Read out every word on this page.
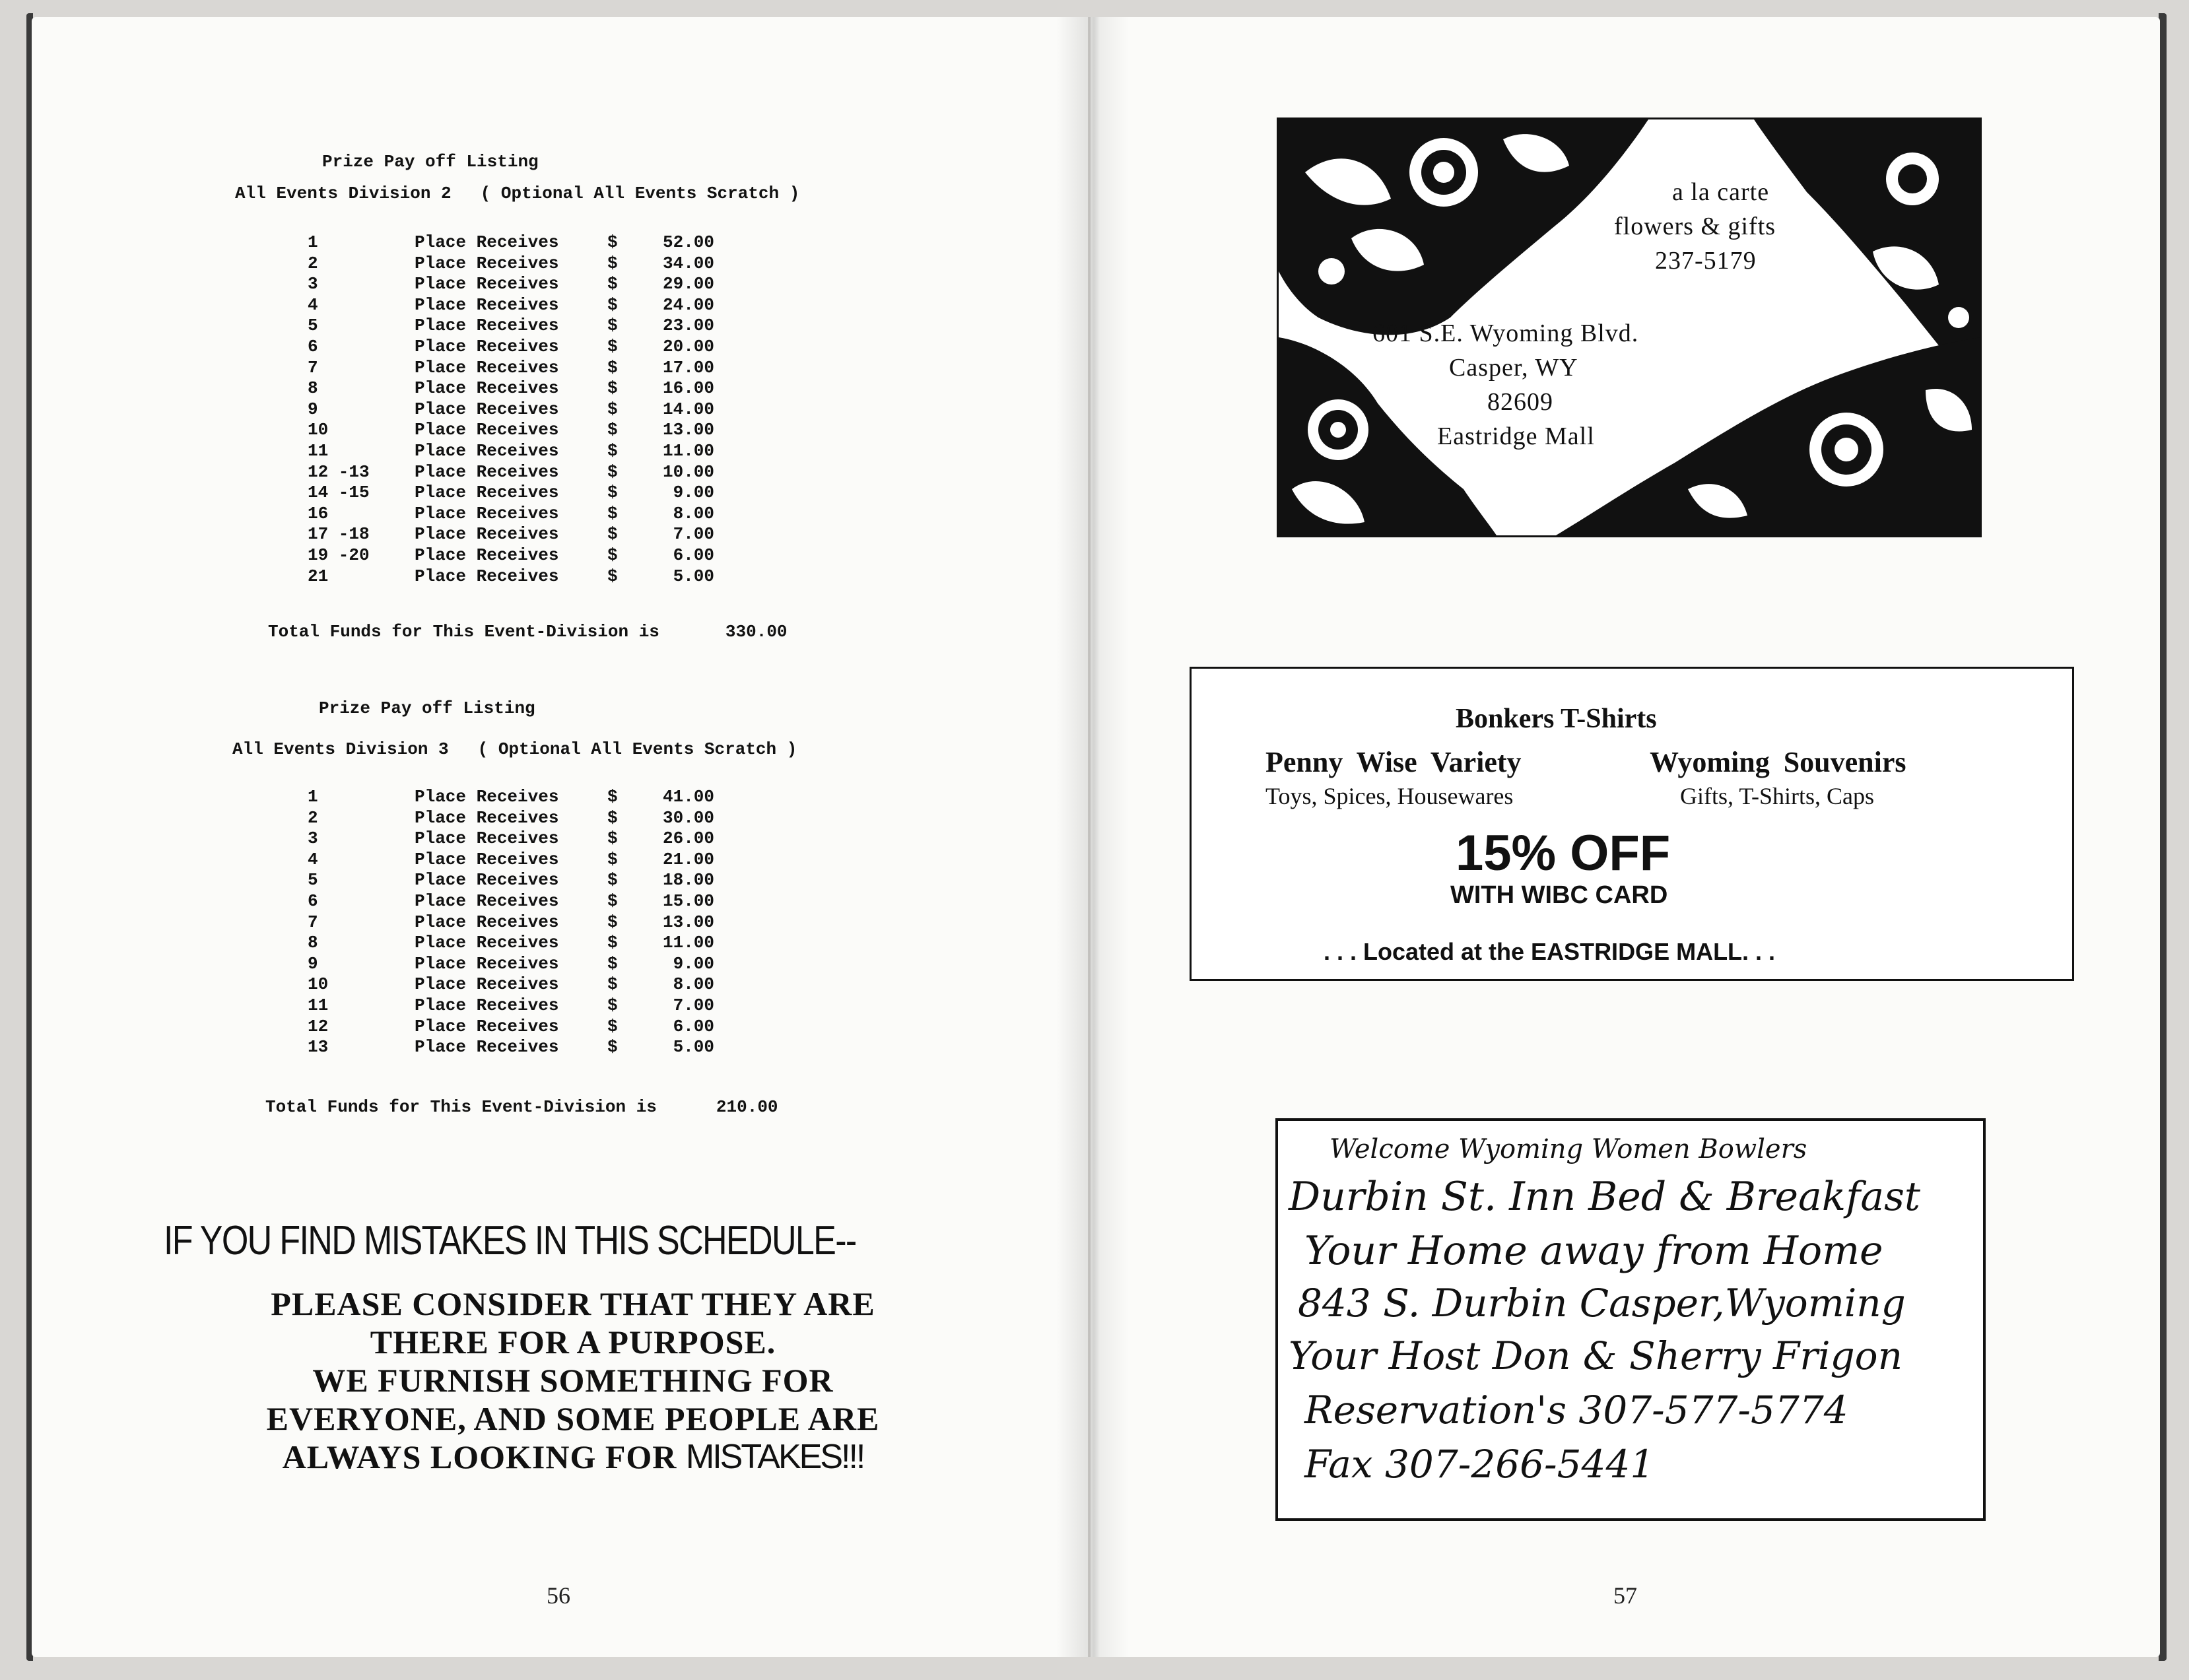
Prize Pay off Listing
All Events Division 2 ( Optional All Events Scratch )
1	Place Receives	$	52.00
2	Place Receives	$	34.00
3	Place Receives	$	29.00
4	Place Receives	$	24.00
5	Place Receives	$	23.00
6	Place Receives	$	20.00
7	Place Receives	$	17.00
8	Place Receives	$	16.00
9	Place Receives	$	14.00
10	Place Receives	$	13.00
11	Place Receives	$	11.00
12 -13	Place Receives	$	10.00
14 -15	Place Receives	$	9.00
16	Place Receives	$	8.00
17 -18	Place Receives	$	7.00
19 -20	Place Receives	$	6.00
21	Place Receives	$	5.00
Total Funds for This Event-Division is	330.00
Prize Pay off Listing
All Events Division 3 ( Optional All Events Scratch )
1	Place Receives	$	41.00
2	Place Receives	$	30.00
3	Place Receives	$	26.00
4	Place Receives	$	21.00
5	Place Receives	$	18.00
6	Place Receives	$	15.00
7	Place Receives	$	13.00
8	Place Receives	$	11.00
9	Place Receives	$	9.00
10	Place Receives	$	8.00
11	Place Receives	$	7.00
12	Place Receives	$	6.00
13	Place Receives	$	5.00
Total Funds for This Event-Division is	210.00
IF YOU FIND MISTAKES IN THIS SCHEDULE--
PLEASE CONSIDER THAT THEY ARE
THERE FOR A PURPOSE.
WE FURNISH SOMETHING FOR
EVERYONE, AND SOME PEOPLE ARE
ALWAYS LOOKING FOR MISTAKES!!!
56
a la carte
flowers & gifts
237-5179
601 S.E. Wyoming Blvd.
Casper, WY
82609
Eastridge Mall
Bonkers T-Shirts
Penny Wise Variety
Toys, Spices, Housewares
Wyoming Souvenirs
Gifts, T-Shirts, Caps
15% OFF
WITH WIBC CARD
. . . Located at the EASTRIDGE MALL. . .
Welcome Wyoming Women Bowlers
Durbin St. Inn Bed & Breakfast
Your Home away from Home
843 S. Durbin Casper,Wyoming
Your Host Don & Sherry Frigon
Reservation's 307-577-5774
Fax 307-266-5441
57
